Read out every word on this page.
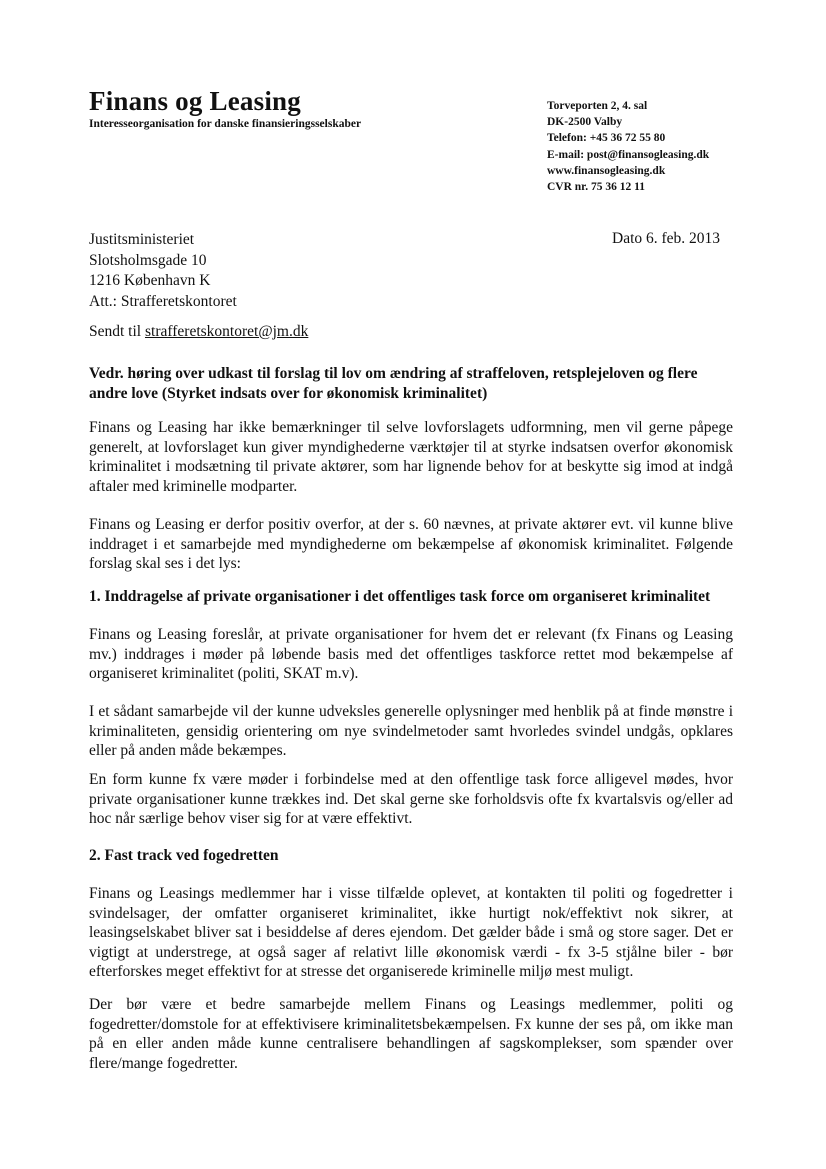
Finans og Leasing
Interesseorganisation for danske finansieringsselskaber
Torveporten 2, 4. sal
DK-2500 Valby
Telefon: +45 36 72 55 80
E-mail: post@finansogleasing.dk
www.finansogleasing.dk
CVR nr. 75 36 12 11
Justitsministeriet
Slotsholmsgade 10
1216 København K
Att.: Strafferetskontoret
Dato 6. feb. 2013
Sendt til strafferetskontoret@jm.dk
Vedr. høring over udkast til forslag til lov om ændring af straffeloven, retsplejeloven og flere andre love (Styrket indsats over for økonomisk kriminalitet)

Finans og Leasing har ikke bemærkninger til selve lovforslagets udformning, men vil gerne påpege generelt, at lovforslaget kun giver myndighederne værktøjer til at styrke indsatsen overfor økonomisk kriminalitet i modsætning til private aktører, som har lignende behov for at beskytte sig imod at indgå aftaler med kriminelle modparter.

Finans og Leasing er derfor positiv overfor, at der s. 60 nævnes, at private aktører evt. vil kunne blive inddraget i et samarbejde med myndighederne om bekæmpelse af økonomisk kriminalitet. Følgende forslag skal ses i det lys:

1. Inddragelse af private organisationer i det offentliges task force om organiseret kriminalitet

Finans og Leasing foreslår, at private organisationer for hvem det er relevant (fx Finans og Leasing mv.) inddrages i møder på løbende basis med det offentliges taskforce rettet mod bekæmpelse af organiseret kriminalitet (politi, SKAT m.v).

I et sådant samarbejde vil der kunne udveksles generelle oplysninger med henblik på at finde mønstre i kriminaliteten, gensidig orientering om nye svindelmetoder samt hvorledes svindel undgås, opklares eller på anden måde bekæmpes.

En form kunne fx være møder i forbindelse med at den offentlige task force alligevel mødes, hvor private organisationer kunne trækkes ind. Det skal gerne ske forholdsvis ofte fx kvartalsvis og/eller ad hoc når særlige behov viser sig for at være effektivt.

2. Fast track ved fogedretten

Finans og Leasings medlemmer har i visse tilfælde oplevet, at kontakten til politi og fogedretter i svindelsager, der omfatter organiseret kriminalitet, ikke hurtigt nok/effektivt nok sikrer, at leasingselskabet bliver sat i besiddelse af deres ejendom. Det gælder både i små og store sager. Det er vigtigt at understrege, at også sager af relativt lille økonomisk værdi - fx 3-5 stjålne biler - bør efterforskes meget effektivt for at stresse det organiserede kriminelle miljø mest muligt.

Der bør være et bedre samarbejde mellem Finans og Leasings medlemmer, politi og fogedretter/domstole for at effektivisere kriminalitetsbekæmpelsen. Fx kunne der ses på, om ikke man på en eller anden måde kunne centralisere behandlingen af sagskomplekser, som spænder over flere/mange fogedretter.
